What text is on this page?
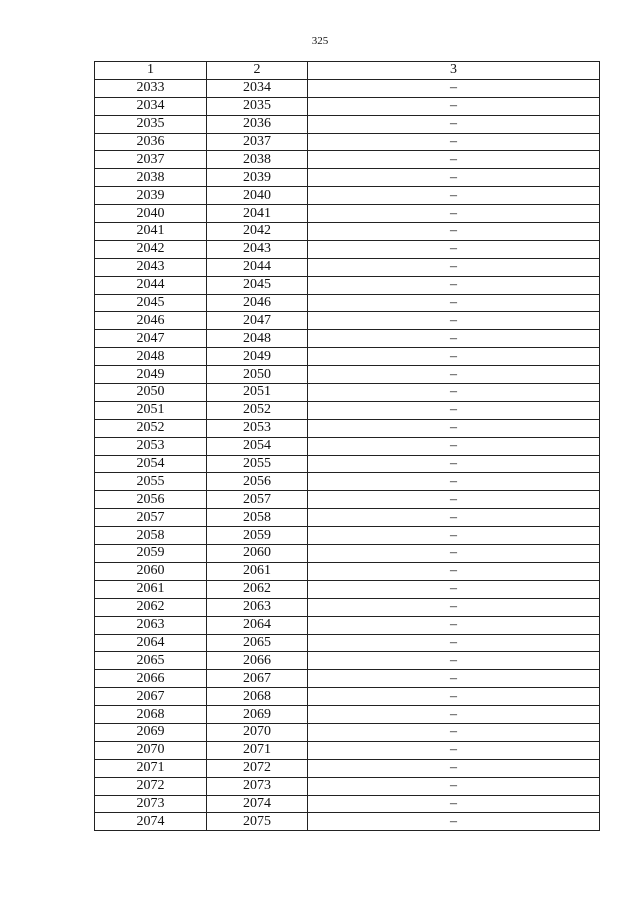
325
1	2	3
2033	2034	–
2034	2035	–
2035	2036	–
2036	2037	–
2037	2038	–
2038	2039	–
2039	2040	–
2040	2041	–
2041	2042	–
2042	2043	–
2043	2044	–
2044	2045	–
2045	2046	–
2046	2047	–
2047	2048	–
2048	2049	–
2049	2050	–
2050	2051	–
2051	2052	–
2052	2053	–
2053	2054	–
2054	2055	–
2055	2056	–
2056	2057	–
2057	2058	–
2058	2059	–
2059	2060	–
2060	2061	–
2061	2062	–
2062	2063	–
2063	2064	–
2064	2065	–
2065	2066	–
2066	2067	–
2067	2068	–
2068	2069	–
2069	2070	–
2070	2071	–
2071	2072	–
2072	2073	–
2073	2074	–
2074	2075	–
